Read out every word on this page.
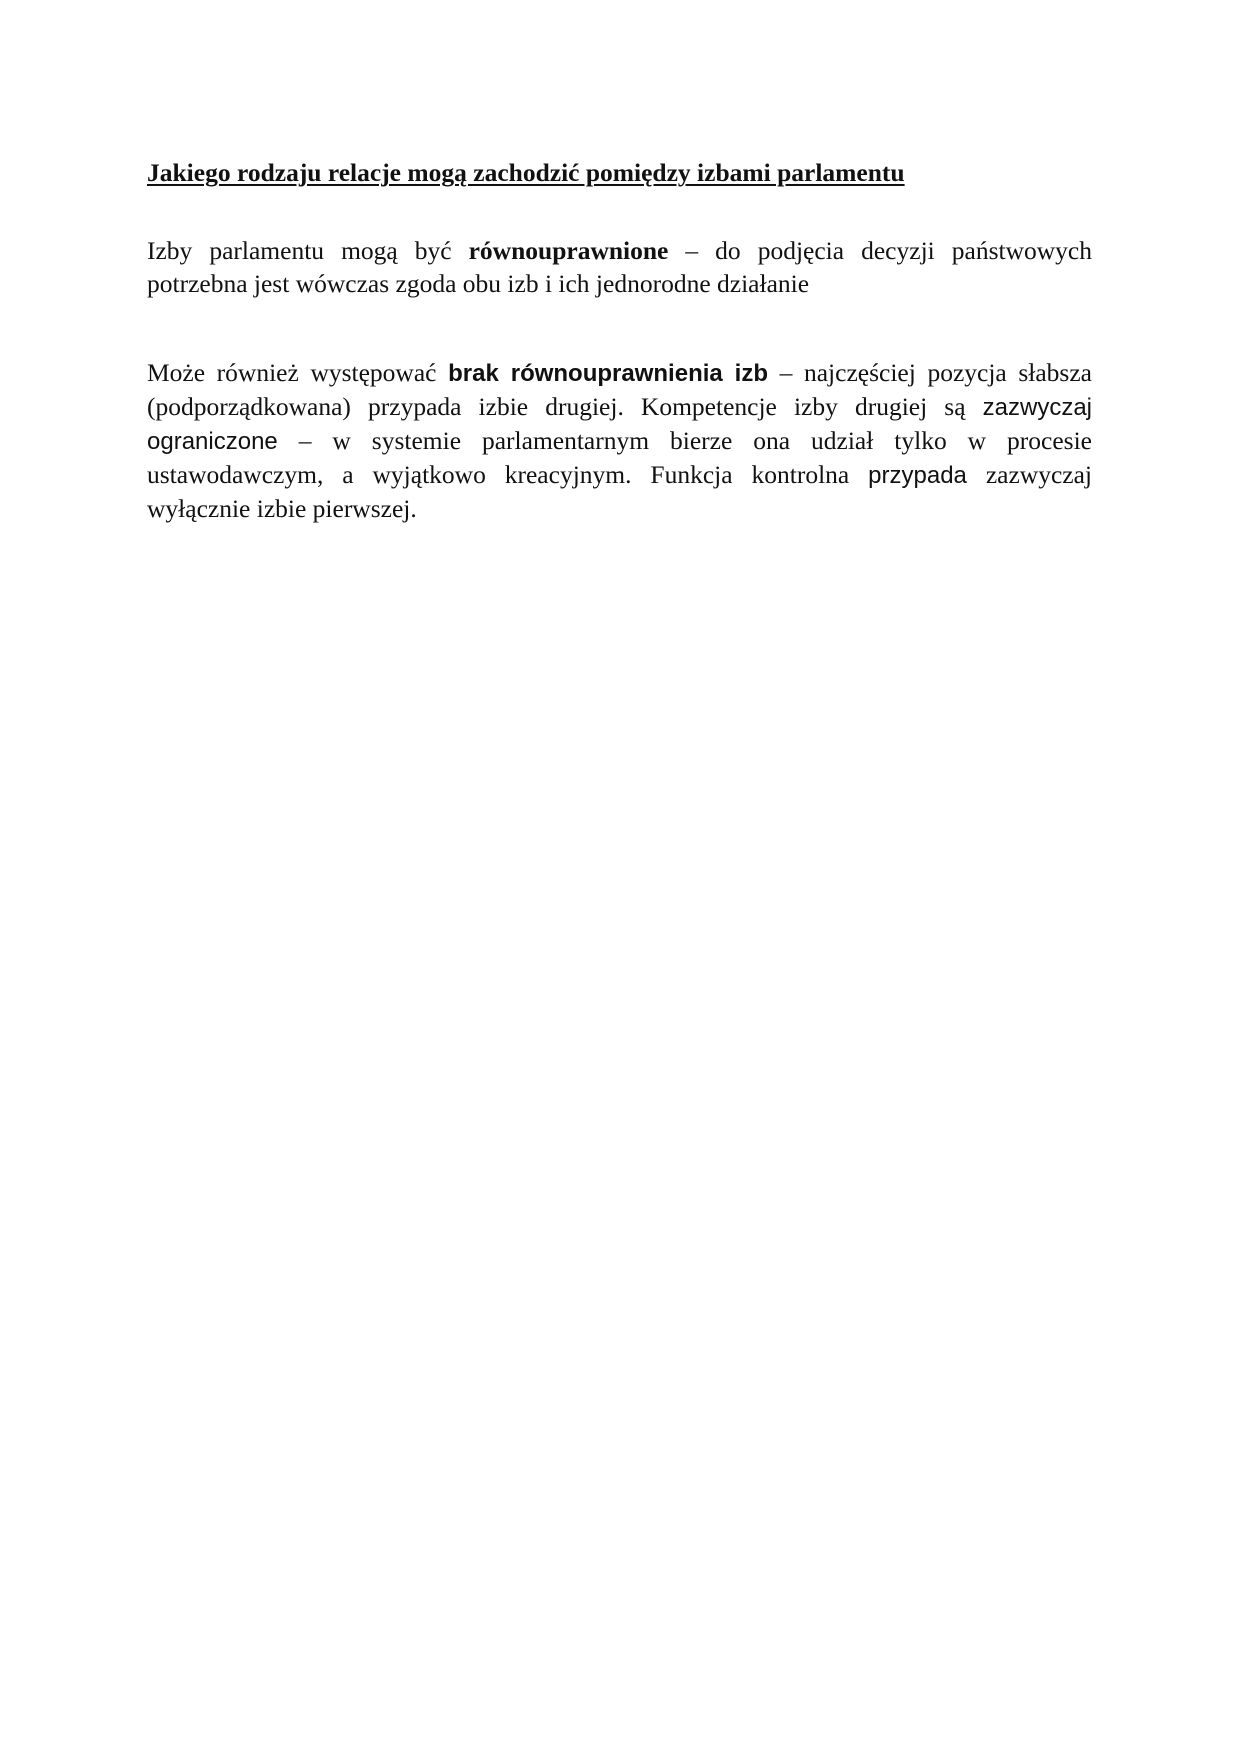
Jakiego rodzaju relacje mogą zachodzić pomiędzy izbami parlamentu

Izby parlamentu mogą być równouprawnione – do podjęcia decyzji państwowych potrzebna jest wówczas zgoda obu izb i ich jednorodne działanie

Może również występować brak równouprawnienia izb – najczęściej pozycja słabsza (podporządkowana) przypada izbie drugiej. Kompetencje izby drugiej są zazwyczaj ograniczone – w systemie parlamentarnym bierze ona udział tylko w procesie ustawodawczym, a wyjątkowo kreacyjnym. Funkcja kontrolna przypada zazwyczaj wyłącznie izbie pierwszej.
